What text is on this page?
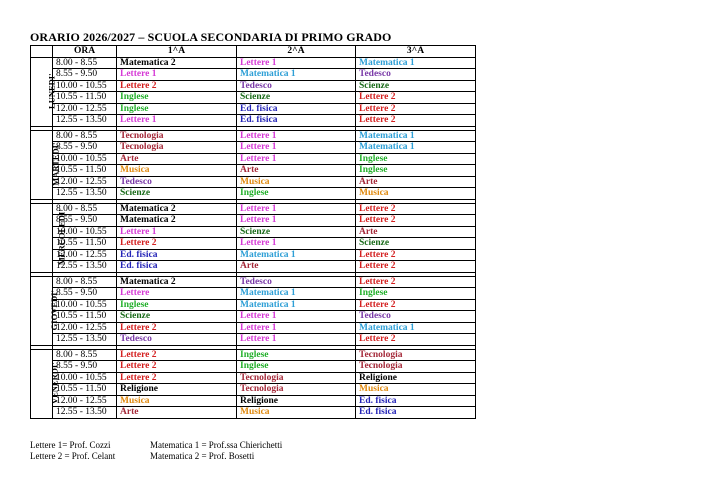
ORARIO 2026/2027 – SCUOLA SECONDARIA DI PRIMO GRADO
	ORA	1^A	2^A	3^A
LUNEDI'	8.00 - 8.55	Matematica 2	Lettere 1	Matematica 1
	8.55 - 9.50	Lettere 1	Matematica 1	Tedesco
	10.00 - 10.55	Lettere 2	Tedesco	Scienze
	10.55 - 11.50	Inglese	Scienze	Lettere 2
	12.00 - 12.55	Inglese	Ed. fisica	Lettere 2
	12.55 - 13.50	Lettere 1	Ed. fisica	Lettere 2

MARTEDI'	8.00 - 8.55	Tecnologia	Lettere 1	Matematica 1
	8.55 - 9.50	Tecnologia	Lettere 1	Matematica 1
	10.00 - 10.55	Arte	Lettere 1	Inglese
	10.55 - 11.50	Musica	Arte	Inglese
	12.00 - 12.55	Tedesco	Musica	Arte
	12.55 - 13.50	Scienze	Inglese	Musica

MERCOLEDI'	8.00 - 8.55	Matematica 2	Lettere 1	Lettere 2
	8.55 - 9.50	Matematica 2	Lettere 1	Lettere 2
	10.00 - 10.55	Lettere 1	Scienze	Arte
	10.55 - 11.50	Lettere 2	Lettere 1	Scienze
	12.00 - 12.55	Ed. fisica	Matematica 1	Lettere 2
	12.55 - 13.50	Ed. fisica	Arte	Lettere 2

GIOVEDI'	8.00 - 8.55	Matematica 2	Tedesco	Lettere 2
	8.55 - 9.50	Lettere	Matematica 1	Inglese
	10.00 - 10.55	Inglese	Matematica 1	Lettere 2
	10.55 - 11.50	Scienze	Lettere 1	Tedesco
	12.00 - 12.55	Lettere 2	Lettere 1	Matematica 1
	12.55 - 13.50	Tedesco	Lettere 1	Lettere 2

VENERDI'	8.00 - 8.55	Lettere 2	Inglese	Tecnologia
	8.55 - 9.50	Lettere 2	Inglese	Tecnologia
	10.00 - 10.55	Lettere 2	Tecnologia	Religione
	10.55 - 11.50	Religione	Tecnologia	Musica
	12.00 - 12.55	Musica	Religione	Ed. fisica
	12.55 - 13.50	Arte	Musica	Ed. fisica
Lettere 1= Prof. Cozzi
Lettere 2 = Prof. Celant
Matematica 1 = Prof.ssa Chierichetti
Matematica 2 = Prof. Bosetti
